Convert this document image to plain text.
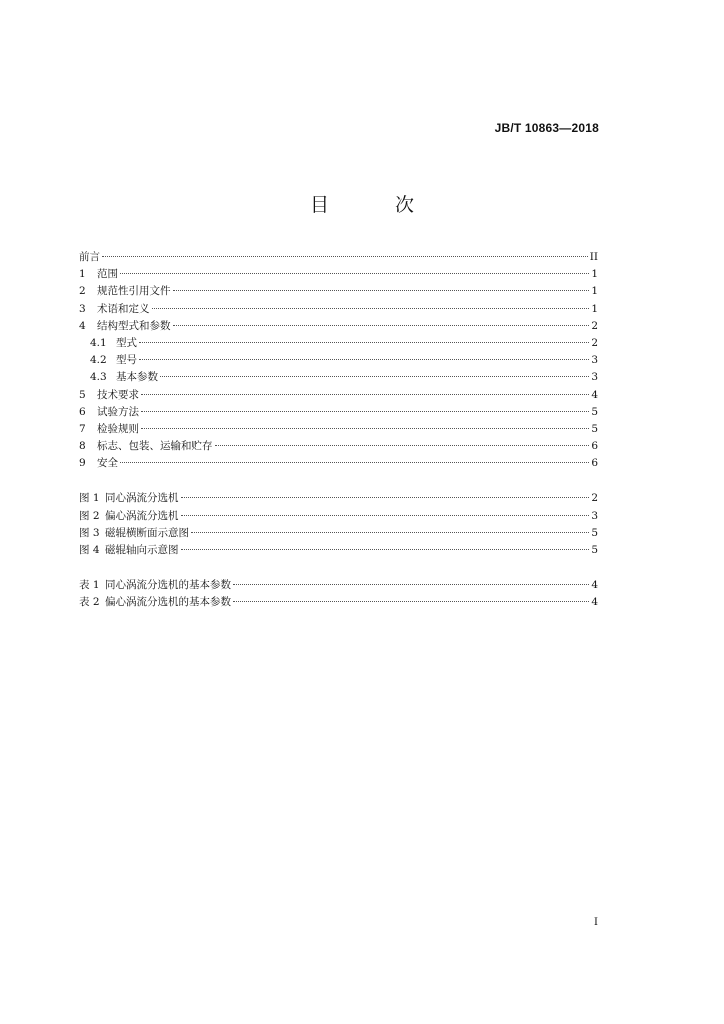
JB/T 10863—2018
目 次
前言	II
1	范围	1
2	规范性引用文件	1
3	术语和定义	1
4	结构型式和参数	2
4.1 型式	2
4.2 型号	3
4.3 基本参数	3
5	技术要求	4
6	试验方法	5
7	检验规则	5
8	标志、包装、运输和贮存	6
9	安全	6
图 1 同心涡流分选机	2
图 2 偏心涡流分选机	3
图 3 磁辊横断面示意图	5
图 4 磁辊轴向示意图	5
表 1 同心涡流分选机的基本参数	4
表 2 偏心涡流分选机的基本参数	4
I
